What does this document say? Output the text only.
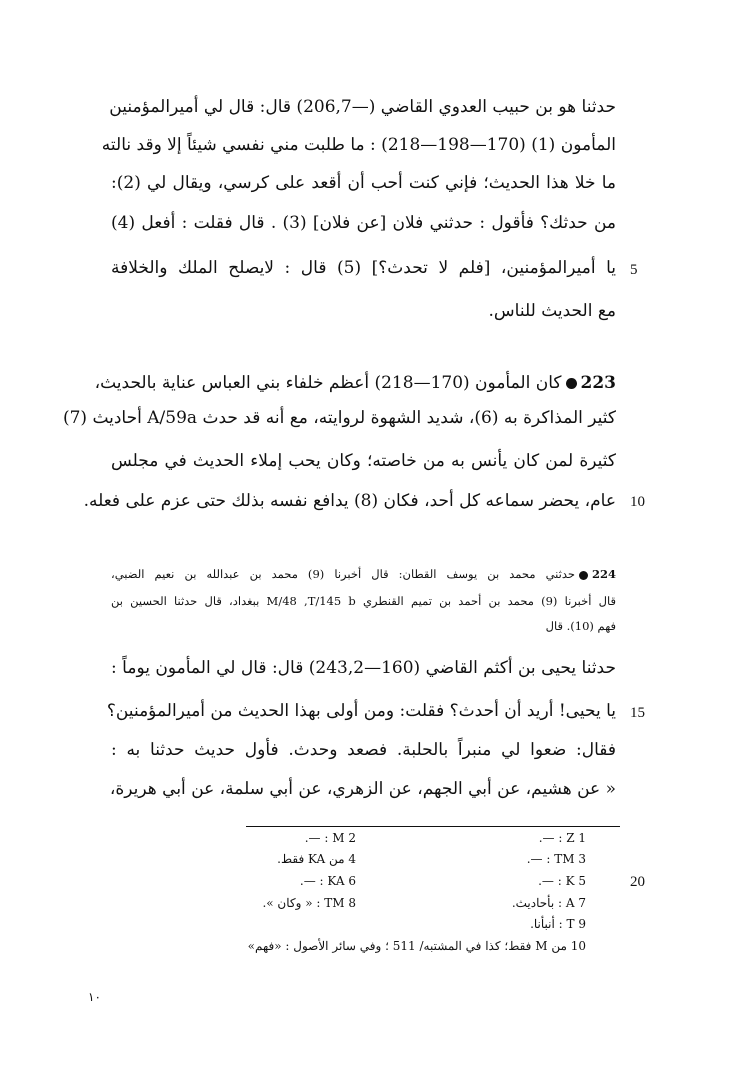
حدثنا هو بن حبيب العدوي القاضي (—206,7) قال: قال لي أميرالمؤمنين
المأمون (1) (170—198—218) : ما طلبت مني نفسي شيئاً إلا وقد نالته
ما خلا هذا الحديث؛ فإني كنت أحب أن أقعد على كرسي، ويقال لي (2):
من حدثك؟ فأقول : حدثني فلان [عن فلان] (3) . قال فقلت : أفعل (4)
يا أميرالمؤمنين، [فلم لا تحدث؟] (5) قال : لايصلح الملك والخلافة
مع الحديث للناس.
223كان المأمون (170—218) أعظم خلفاء بني العباس عناية بالحديث،
كثير المذاكرة به (6)، شديد الشهوة لروايته، مع أنه قد حدث A/59a أحاديث (7)
كثيرة لمن كان يأنس به من خاصته؛ وكان يحب إملاء الحديث في مجلس
عام، يحضر سماعه كل أحد، فكان (8) يدافع نفسه بذلك حتى عزم على فعله.
224حدثني محمد بن يوسف القطان: قال أخبرنا (9) محمد بن عبدالله بن نعيم الضبي،
قال أخبرنا (9) محمد بن أحمد بن تميم القنطري M/48 ,T/145 b ببغداد، قال حدثنا الحسين بن
فهم (10). قال
حدثنا يحيى بن أكثم القاضي (160—243,2) قال: قال لي المأمون يوماً :
يا يحيى! أريد أن أحدث؟ فقلت: ومن أولى بهذا الحديث من أميرالمؤمنين؟
فقال: ضعوا لي منبراً بالحلبة. فصعد وحدث. فأول حديث حدثنا به :
« عن هشيم، عن أبي الجهم، عن الزهري، عن أبي سلمة، عن أبي هريرة،
5
10
15
20
1 Z : —.
3 TM : —.
5 K : —.
7 A : بأحاديث.
9 T : أنبأنا.
10 من M فقط؛ كذا في المشتبه/ 511 ؛ وفي سائر الأصول : «فهم»
2 M : —.
4 من KA فقط.
6 KA : —.
8 TM : « وكان ».
١٠
